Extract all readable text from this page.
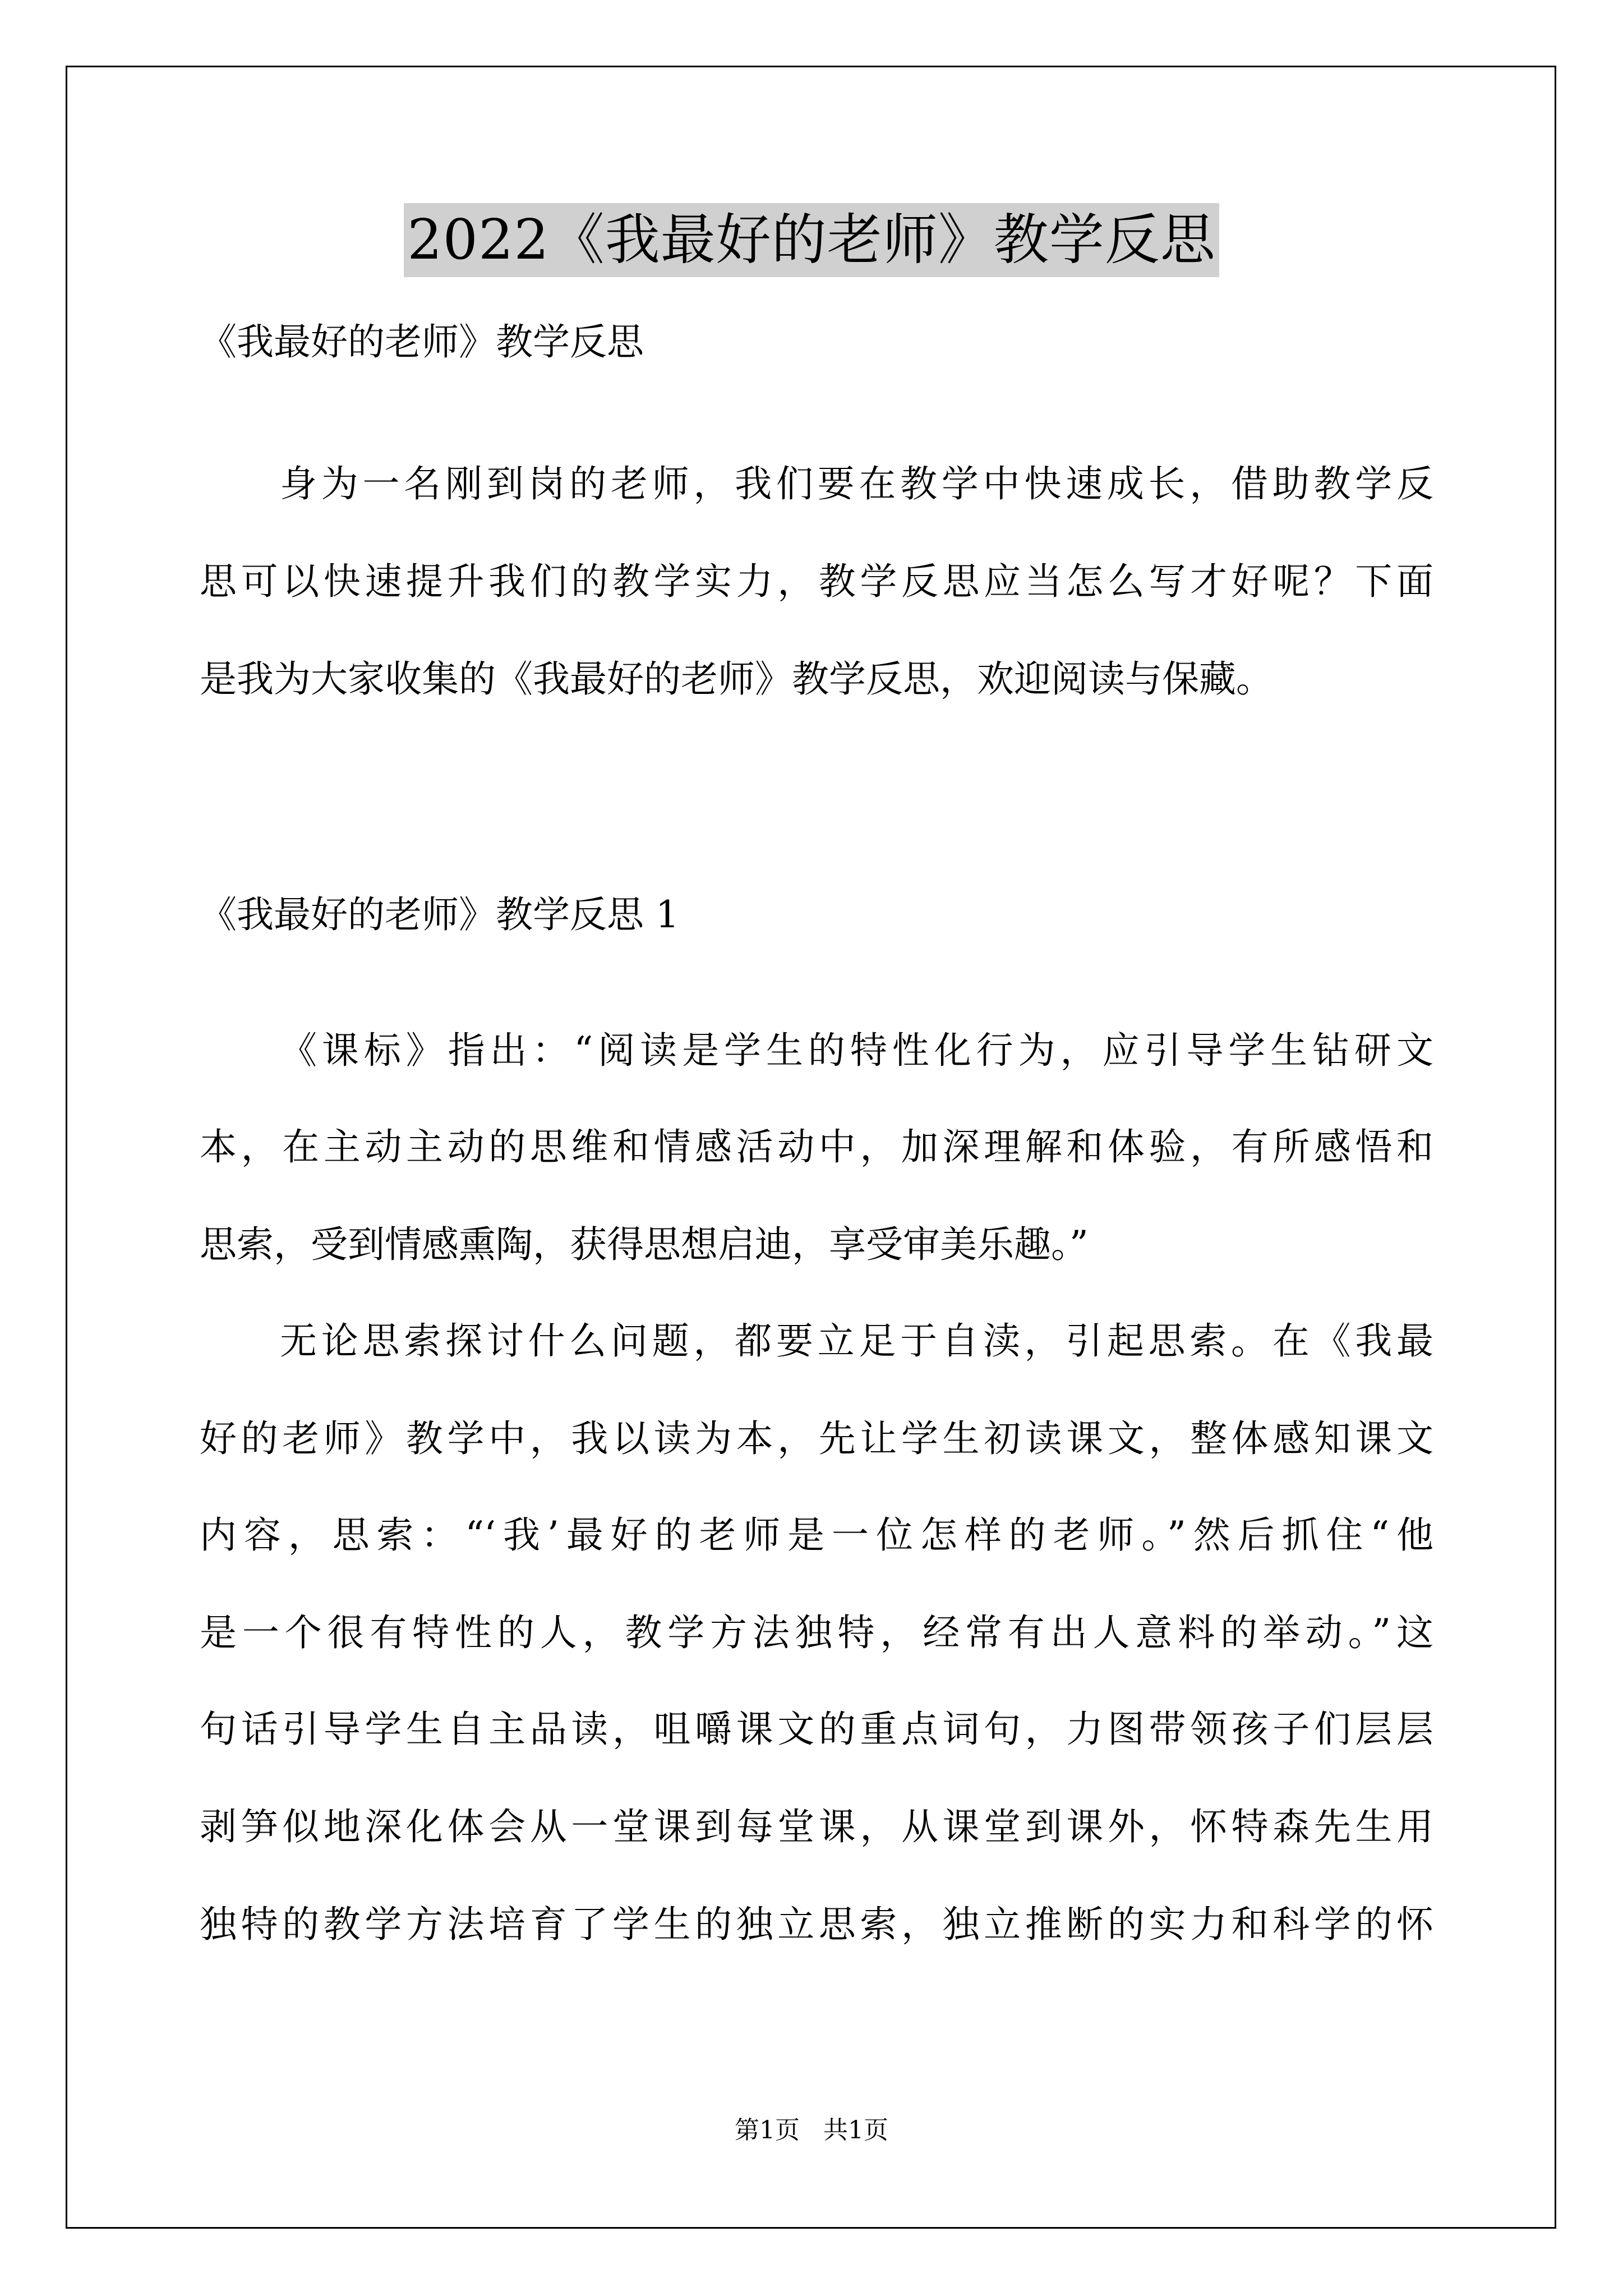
2022《我最好的老师》教学反思
《我最好的老师》教学反思
身为一名刚到岗的老师，我们要在教学中快速成长，借助教学反
思可以快速提升我们的教学实力，教学反思应当怎么写才好呢？下面
是我为大家收集的《我最好的老师》教学反思，欢迎阅读与保藏。
《我最好的老师》教学反思 1
《课标》指出：“阅读是学生的特性化行为，应引导学生钻研文
本，在主动主动的思维和情感活动中，加深理解和体验，有所感悟和
思索，受到情感熏陶，获得思想启迪，享受审美乐趣。”
无论思索探讨什么问题，都要立足于自渎，引起思索。在《我最
好的老师》教学中，我以读为本，先让学生初读课文，整体感知课文
内容，思索：“‘我’最好的老师是一位怎样的老师。”然后抓住“他
是一个很有特性的人，教学方法独特，经常有出人意料的举动。”这
句话引导学生自主品读，咀嚼课文的重点词句，力图带领孩子们层层
剥笋似地深化体会从一堂课到每堂课，从课堂到课外，怀特森先生用
独特的教学方法培育了学生的独立思索，独立推断的实力和科学的怀
第1页   共1页
